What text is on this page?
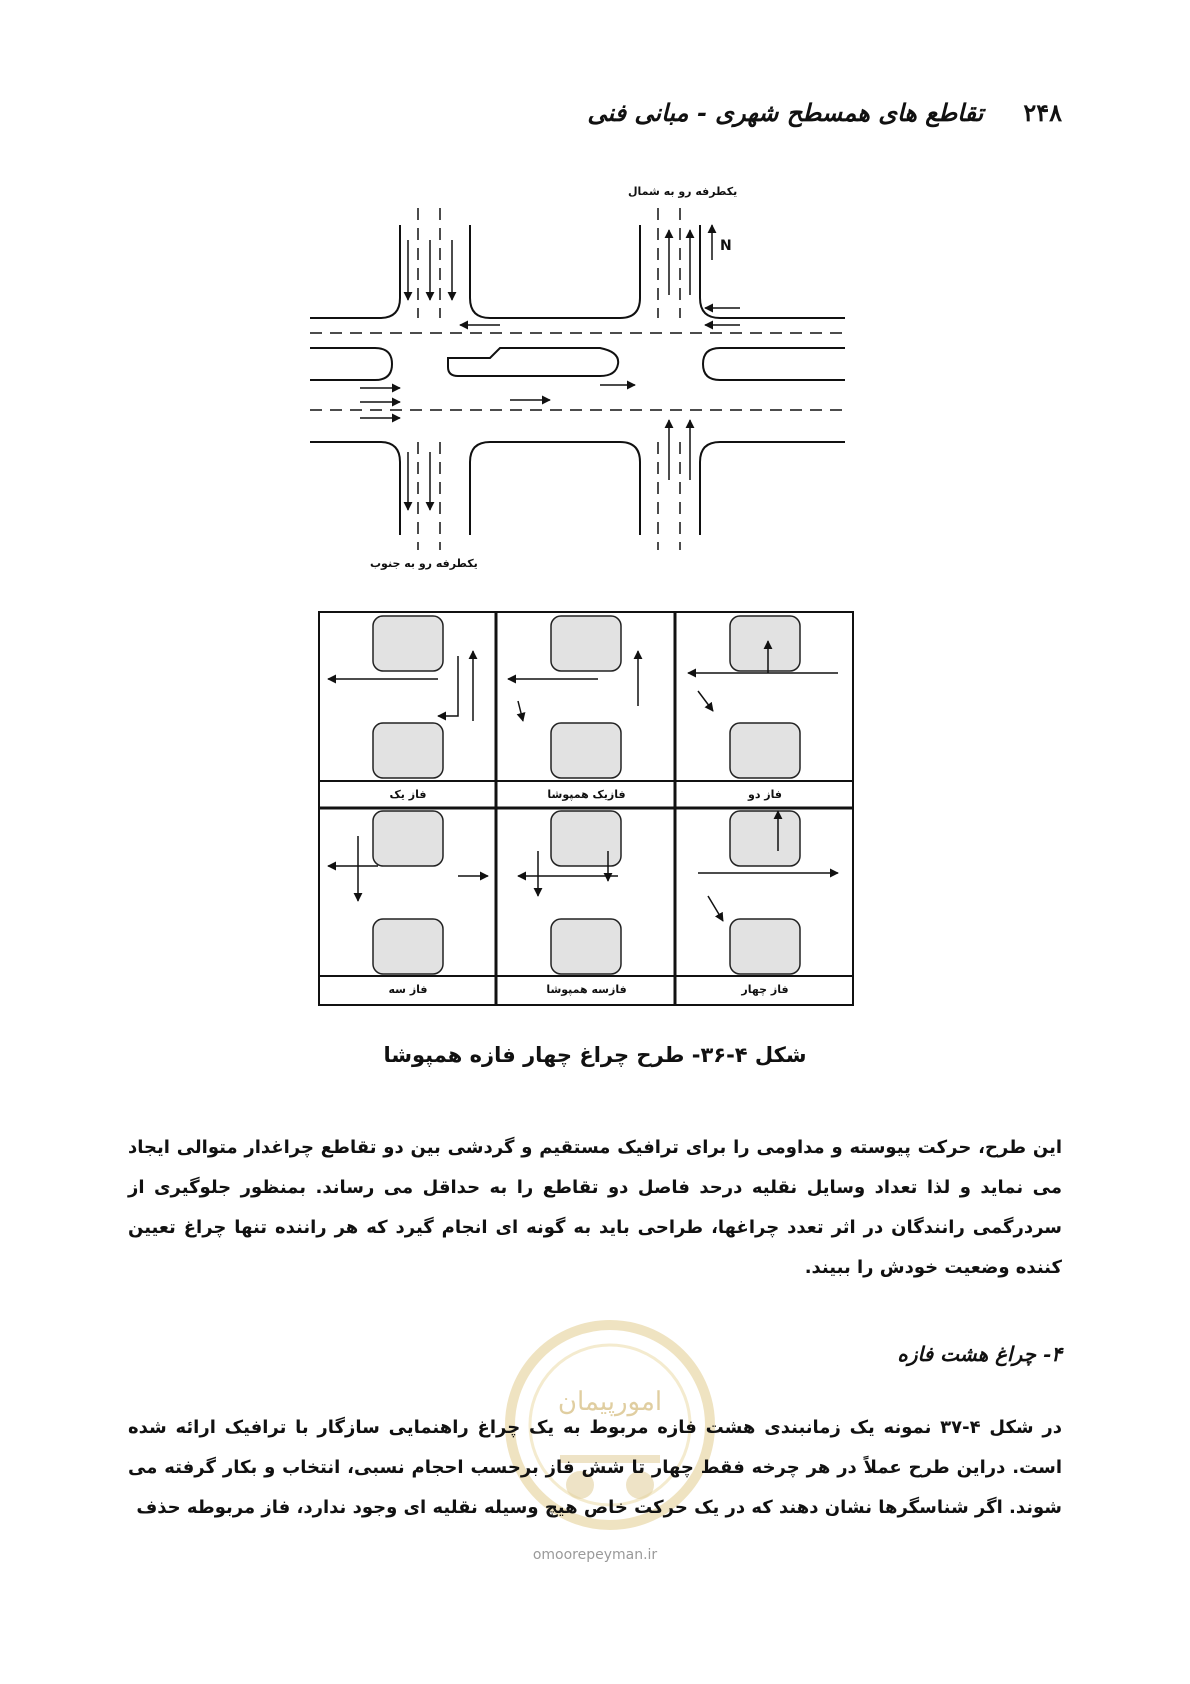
۲۴۸
تقاطع های همسطح شهری - مبانی فنی
N
یکطرفه رو به شمال
یکطرفه رو به جنوب
فاز یک	فازیک همپوشا	فاز دو
فاز سه	فازسه همپوشا	فاز چهار
شکل ۴-۳۶- طرح چراغ چهار فازه همپوشا
این طرح، حرکت پیوسته و مداومی را برای ترافیک مستقیم و گردشی بین دو تقاطع چراغدار متوالی ایجاد می نماید و لذا تعداد وسایل نقلیه درحد فاصل دو تقاطع را به حداقل می رساند. بمنظور جلوگیری از سردرگمی رانندگان در اثر تعدد چراغها، طراحی باید به گونه ای انجام گیرد که هر راننده تنها چراغ تعیین کننده وضعیت خودش را ببیند.
۴- چراغ هشت فازه
امورپیمان
در شکل ۴-۳۷ نمونه یک زمانبندی هشت فازه مربوط به یک چراغ راهنمایی سازگار با ترافیک ارائه شده است. دراین طرح عملاً در هر چرخه فقط چهار تا شش فاز برحسب احجام نسبی، انتخاب و بکار گرفته می شوند. اگر شناسگرها نشان دهند که در یک حرکت خاص هیچ وسیله نقلیه ای وجود ندارد، فاز مربوطه حذف
omoorepeyman.ir
